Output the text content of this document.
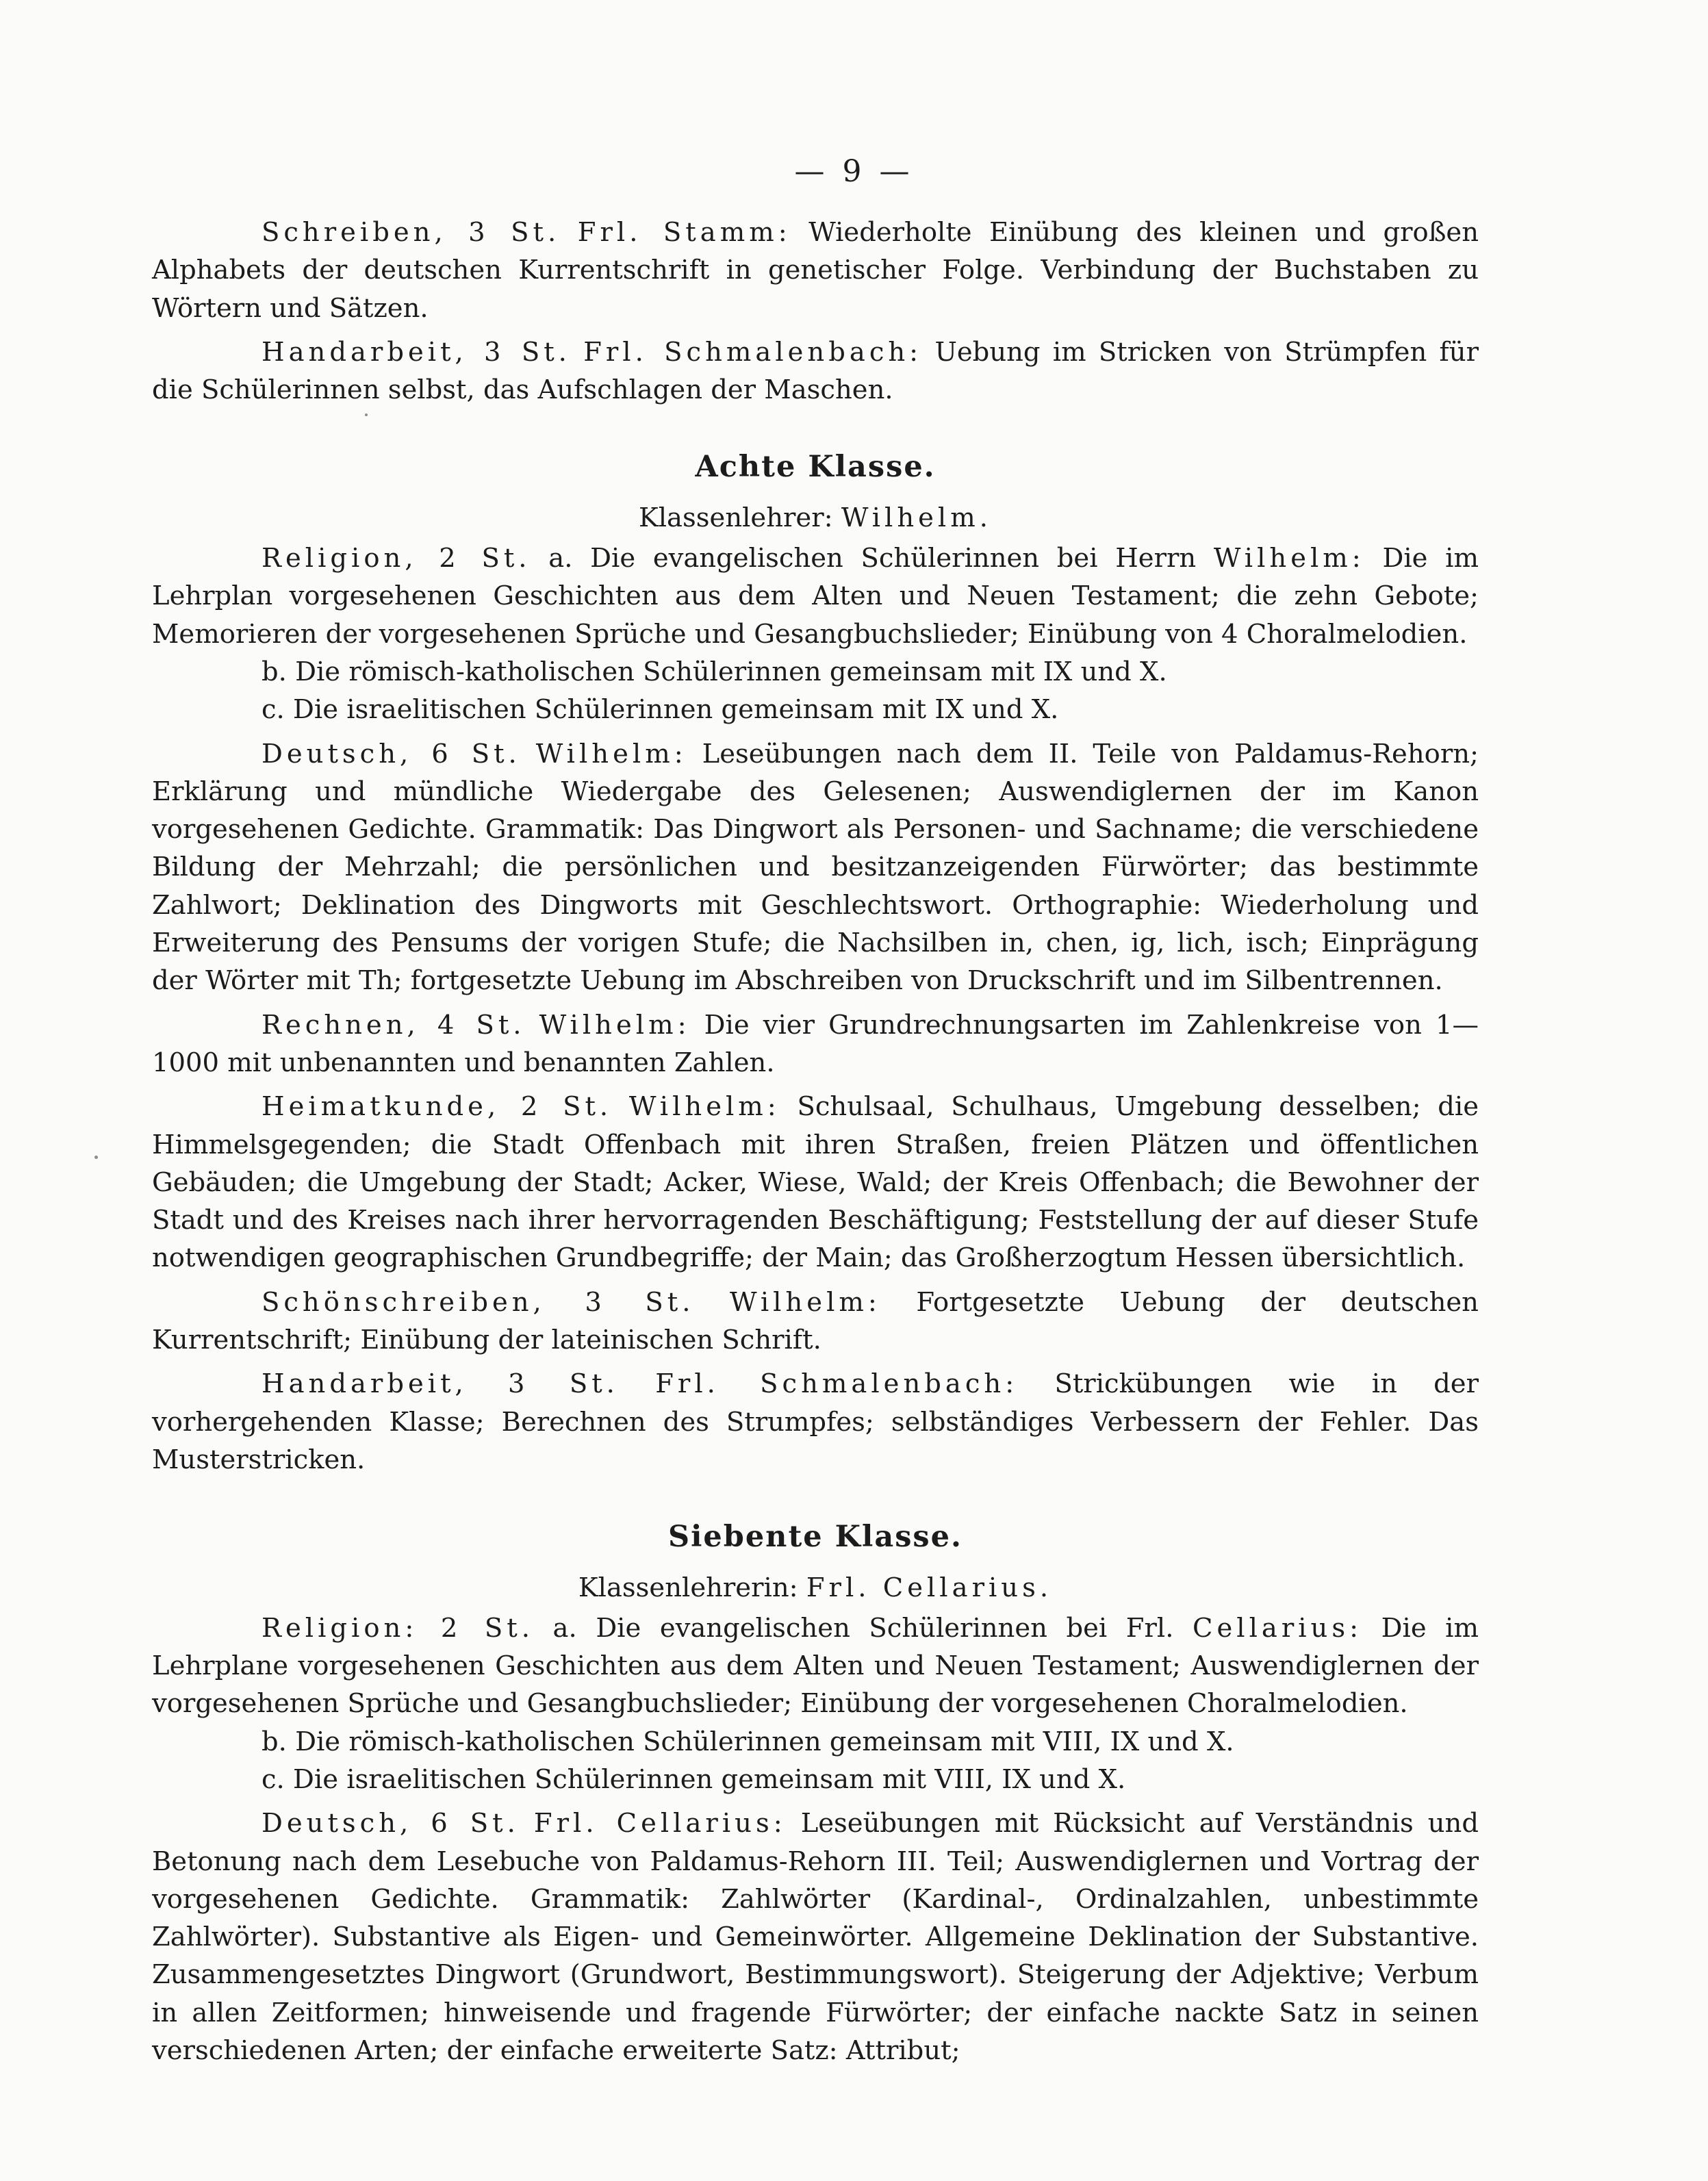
— 9 —

Schreiben, 3 St. Frl. Stamm: Wiederholte Einübung des kleinen und großen Alphabets der deutschen Kurrentschrift in genetischer Folge. Verbindung der Buchstaben zu Wörtern und Sätzen.

Handarbeit, 3 St. Frl. Schmalenbach: Uebung im Stricken von Strümpfen für die Schülerinnen selbst, das Aufschlagen der Maschen.

Achte Klasse.

Klassenlehrer: Wilhelm.

Religion, 2 St. a. Die evangelischen Schülerinnen bei Herrn Wilhelm: Die im Lehrplan vorgesehenen Geschichten aus dem Alten und Neuen Testament; die zehn Gebote; Memorieren der vorgesehenen Sprüche und Gesangbuchslieder; Einübung von 4 Choralmelodien.

b. Die römisch-katholischen Schülerinnen gemeinsam mit IX und X.

c. Die israelitischen Schülerinnen gemeinsam mit IX und X.

Deutsch, 6 St. Wilhelm: Leseübungen nach dem II. Teile von Paldamus-Rehorn; Erklärung und mündliche Wiedergabe des Gelesenen; Auswendiglernen der im Kanon vorgesehenen Gedichte. Grammatik: Das Dingwort als Personen- und Sachname; die verschiedene Bildung der Mehrzahl; die persönlichen und besitzanzeigenden Fürwörter; das bestimmte Zahlwort; Deklination des Dingworts mit Geschlechtswort. Orthographie: Wiederholung und Erweiterung des Pensums der vorigen Stufe; die Nachsilben in, chen, ig, lich, isch; Einprägung der Wörter mit Th; fortgesetzte Uebung im Abschreiben von Druckschrift und im Silbentrennen.

Rechnen, 4 St. Wilhelm: Die vier Grundrechnungsarten im Zahlenkreise von 1—1000 mit unbenannten und benannten Zahlen.

Heimatkunde, 2 St. Wilhelm: Schulsaal, Schulhaus, Umgebung desselben; die Himmelsgegenden; die Stadt Offenbach mit ihren Straßen, freien Plätzen und öffentlichen Gebäuden; die Umgebung der Stadt; Acker, Wiese, Wald; der Kreis Offenbach; die Bewohner der Stadt und des Kreises nach ihrer hervorragenden Beschäftigung; Feststellung der auf dieser Stufe notwendigen geographischen Grundbegriffe; der Main; das Großherzogtum Hessen übersichtlich.

Schönschreiben, 3 St. Wilhelm: Fortgesetzte Uebung der deutschen Kurrentschrift; Einübung der lateinischen Schrift.

Handarbeit, 3 St. Frl. Schmalenbach: Strickübungen wie in der vorhergehenden Klasse; Berechnen des Strumpfes; selbständiges Verbessern der Fehler. Das Musterstricken.

Siebente Klasse.

Klassenlehrerin: Frl. Cellarius.

Religion: 2 St. a. Die evangelischen Schülerinnen bei Frl. Cellarius: Die im Lehrplane vorgesehenen Geschichten aus dem Alten und Neuen Testament; Auswendiglernen der vorgesehenen Sprüche und Gesangbuchslieder; Einübung der vorgesehenen Choralmelodien.

b. Die römisch-katholischen Schülerinnen gemeinsam mit VIII, IX und X.

c. Die israelitischen Schülerinnen gemeinsam mit VIII, IX und X.

Deutsch, 6 St. Frl. Cellarius: Leseübungen mit Rücksicht auf Verständnis und Betonung nach dem Lesebuche von Paldamus-Rehorn III. Teil; Auswendiglernen und Vortrag der vorgesehenen Gedichte. Grammatik: Zahlwörter (Kardinal-, Ordinalzahlen, unbestimmte Zahlwörter). Substantive als Eigen- und Gemeinwörter. Allgemeine Deklination der Substantive. Zusammengesetztes Dingwort (Grundwort, Bestimmungswort). Steigerung der Adjektive; Verbum in allen Zeitformen; hinweisende und fragende Fürwörter; der einfache nackte Satz in seinen verschiedenen Arten; der einfache erweiterte Satz: Attribut;
